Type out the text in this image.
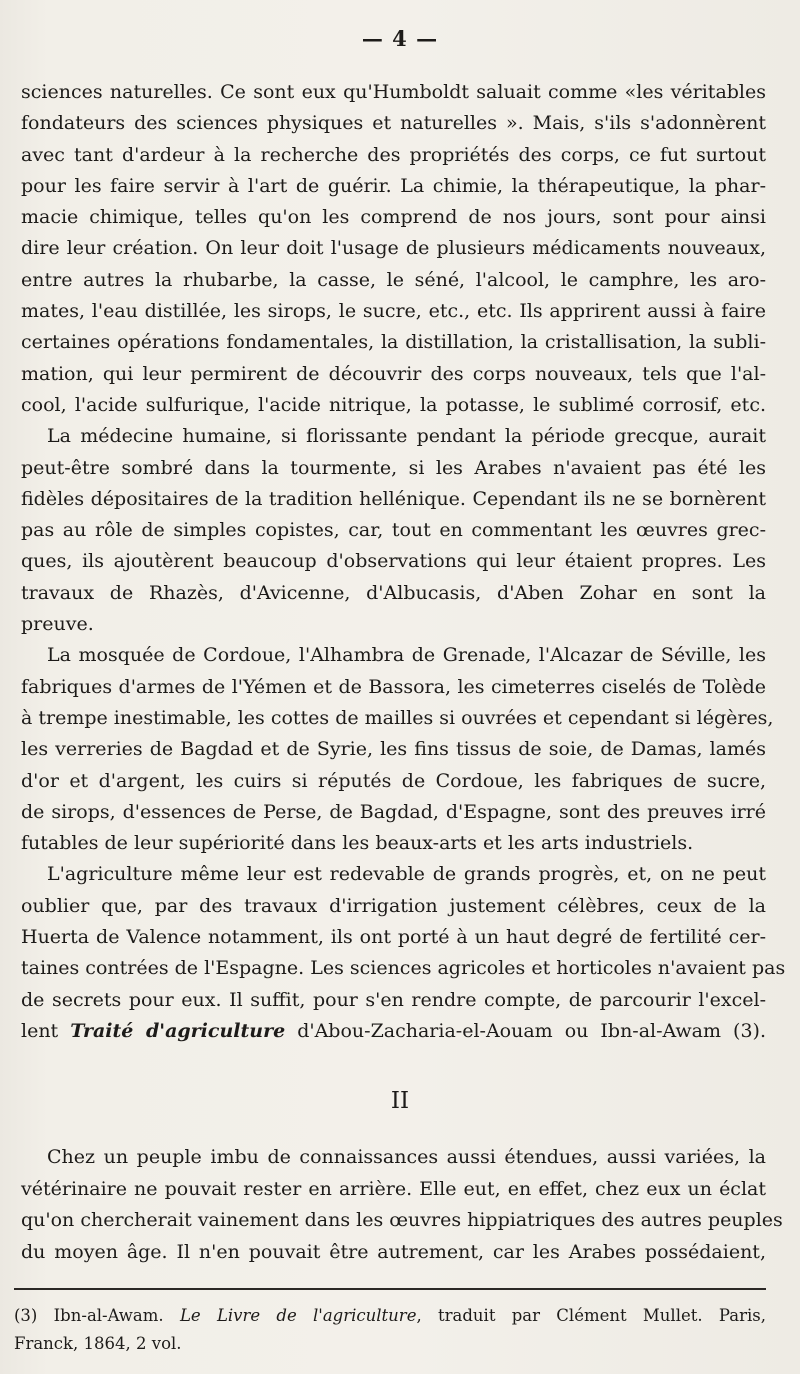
— 4 —
sciences naturelles. Ce sont eux qu'Humboldt saluait comme «les véritables
fondateurs des sciences physiques et naturelles ». Mais, s'ils s'adonnèrent
avec tant d'ardeur à la recherche des propriétés des corps, ce fut surtout
pour les faire servir à l'art de guérir. La chimie, la thérapeutique, la phar-
macie chimique, telles qu'on les comprend de nos jours, sont pour ainsi
dire leur création. On leur doit l'usage de plusieurs médicaments nouveaux,
entre autres la rhubarbe, la casse, le séné, l'alcool, le camphre, les aro-
mates, l'eau distillée, les sirops, le sucre, etc., etc. Ils apprirent aussi à faire
certaines opérations fondamentales, la distillation, la cristallisation, la subli-
mation, qui leur permirent de découvrir des corps nouveaux, tels que l'al-
cool, l'acide sulfurique, l'acide nitrique, la potasse, le sublimé corrosif, etc.
La médecine humaine, si florissante pendant la période grecque, aurait
peut-être sombré dans la tourmente, si les Arabes n'avaient pas été les
fidèles dépositaires de la tradition hellénique. Cependant ils ne se bornèrent
pas au rôle de simples copistes, car, tout en commentant les œuvres grec-
ques, ils ajoutèrent beaucoup d'observations qui leur étaient propres. Les
travaux de Rhazès, d'Avicenne, d'Albucasis, d'Aben Zohar en sont la
preuve.
La mosquée de Cordoue, l'Alhambra de Grenade, l'Alcazar de Séville, les
fabriques d'armes de l'Yémen et de Bassora, les cimeterres ciselés de Tolède
à trempe inestimable, les cottes de mailles si ouvrées et cependant si légères,
les verreries de Bagdad et de Syrie, les fins tissus de soie, de Damas, lamés
d'or et d'argent, les cuirs si réputés de Cordoue, les fabriques de sucre,
de sirops, d'essences de Perse, de Bagdad, d'Espagne, sont des preuves irré
futables de leur supériorité dans les beaux-arts et les arts industriels.
L'agriculture même leur est redevable de grands progrès, et, on ne peut
oublier que, par des travaux d'irrigation justement célèbres, ceux de la
Huerta de Valence notamment, ils ont porté à un haut degré de fertilité cer-
taines contrées de l'Espagne. Les sciences agricoles et horticoles n'avaient pas
de secrets pour eux. Il suffit, pour s'en rendre compte, de parcourir l'excel-
lent Traité d'agriculture d'Abou-Zacharia-el-Aouam ou Ibn-al-Awam (3).
II
Chez un peuple imbu de connaissances aussi étendues, aussi variées, la
vétérinaire ne pouvait rester en arrière. Elle eut, en effet, chez eux un éclat
qu'on chercherait vainement dans les œuvres hippiatriques des autres peuples
du moyen âge. Il n'en pouvait être autrement, car les Arabes possédaient,
(3) Ibn-al-Awam. Le Livre de l'agriculture, traduit par Clément Mullet. Paris,
Franck, 1864, 2 vol.
